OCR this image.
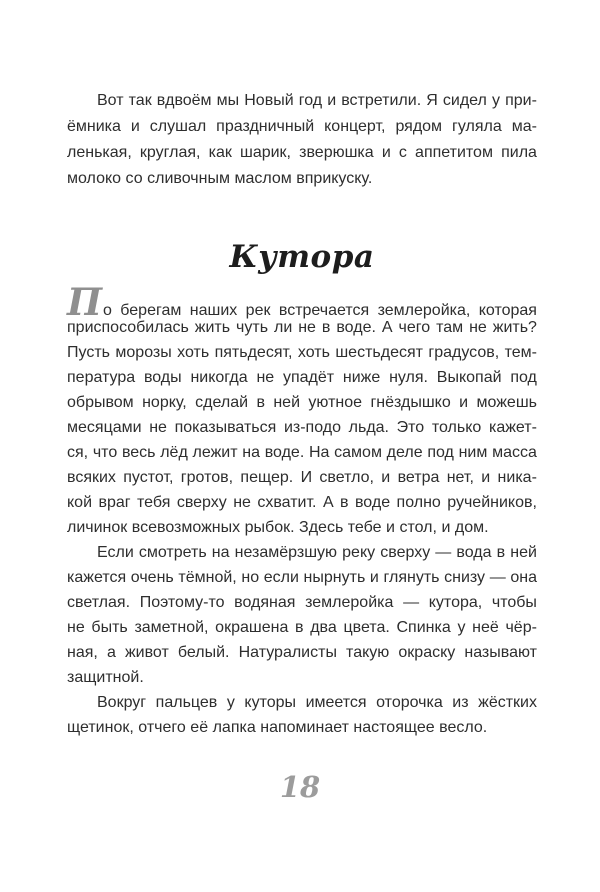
Вот так вдвоём мы Новый год и встретили. Я сидел у при-
ёмника и слушал праздничный концерт, рядом гуляла ма-
ленькая, круглая, как шарик, зверюшка и с аппетитом пила
молоко со сливочным маслом вприкуску.
Кутора
По берегам наших рек встречается землеройка, которая
приспособилась жить чуть ли не в воде. А чего там не жить?
Пусть морозы хоть пятьдесят, хоть шестьдесят градусов, тем-
пература воды никогда не упадёт ниже нуля. Выкопай под
обрывом норку, сделай в ней уютное гнёздышко и можешь
месяцами не показываться из-подо льда. Это только кажет-
ся, что весь лёд лежит на воде. На самом деле под ним масса
всяких пустот, гротов, пещер. И светло, и ветра нет, и ника-
кой враг тебя сверху не схватит. А в воде полно ручейников,
личинок всевозможных рыбок. Здесь тебе и стол, и дом.
Если смотреть на незамёрзшую реку сверху — вода в ней
кажется очень тёмной, но если нырнуть и глянуть снизу — она
светлая. Поэтому-то водяная землеройка — кутора, чтобы
не быть заметной, окрашена в два цвета. Спинка у неё чёр-
ная, а живот белый. Натуралисты такую окраску называют
защитной.
Вокруг пальцев у куторы имеется оторочка из жёстких
щетинок, отчего её лапка напоминает настоящее весло.
18
